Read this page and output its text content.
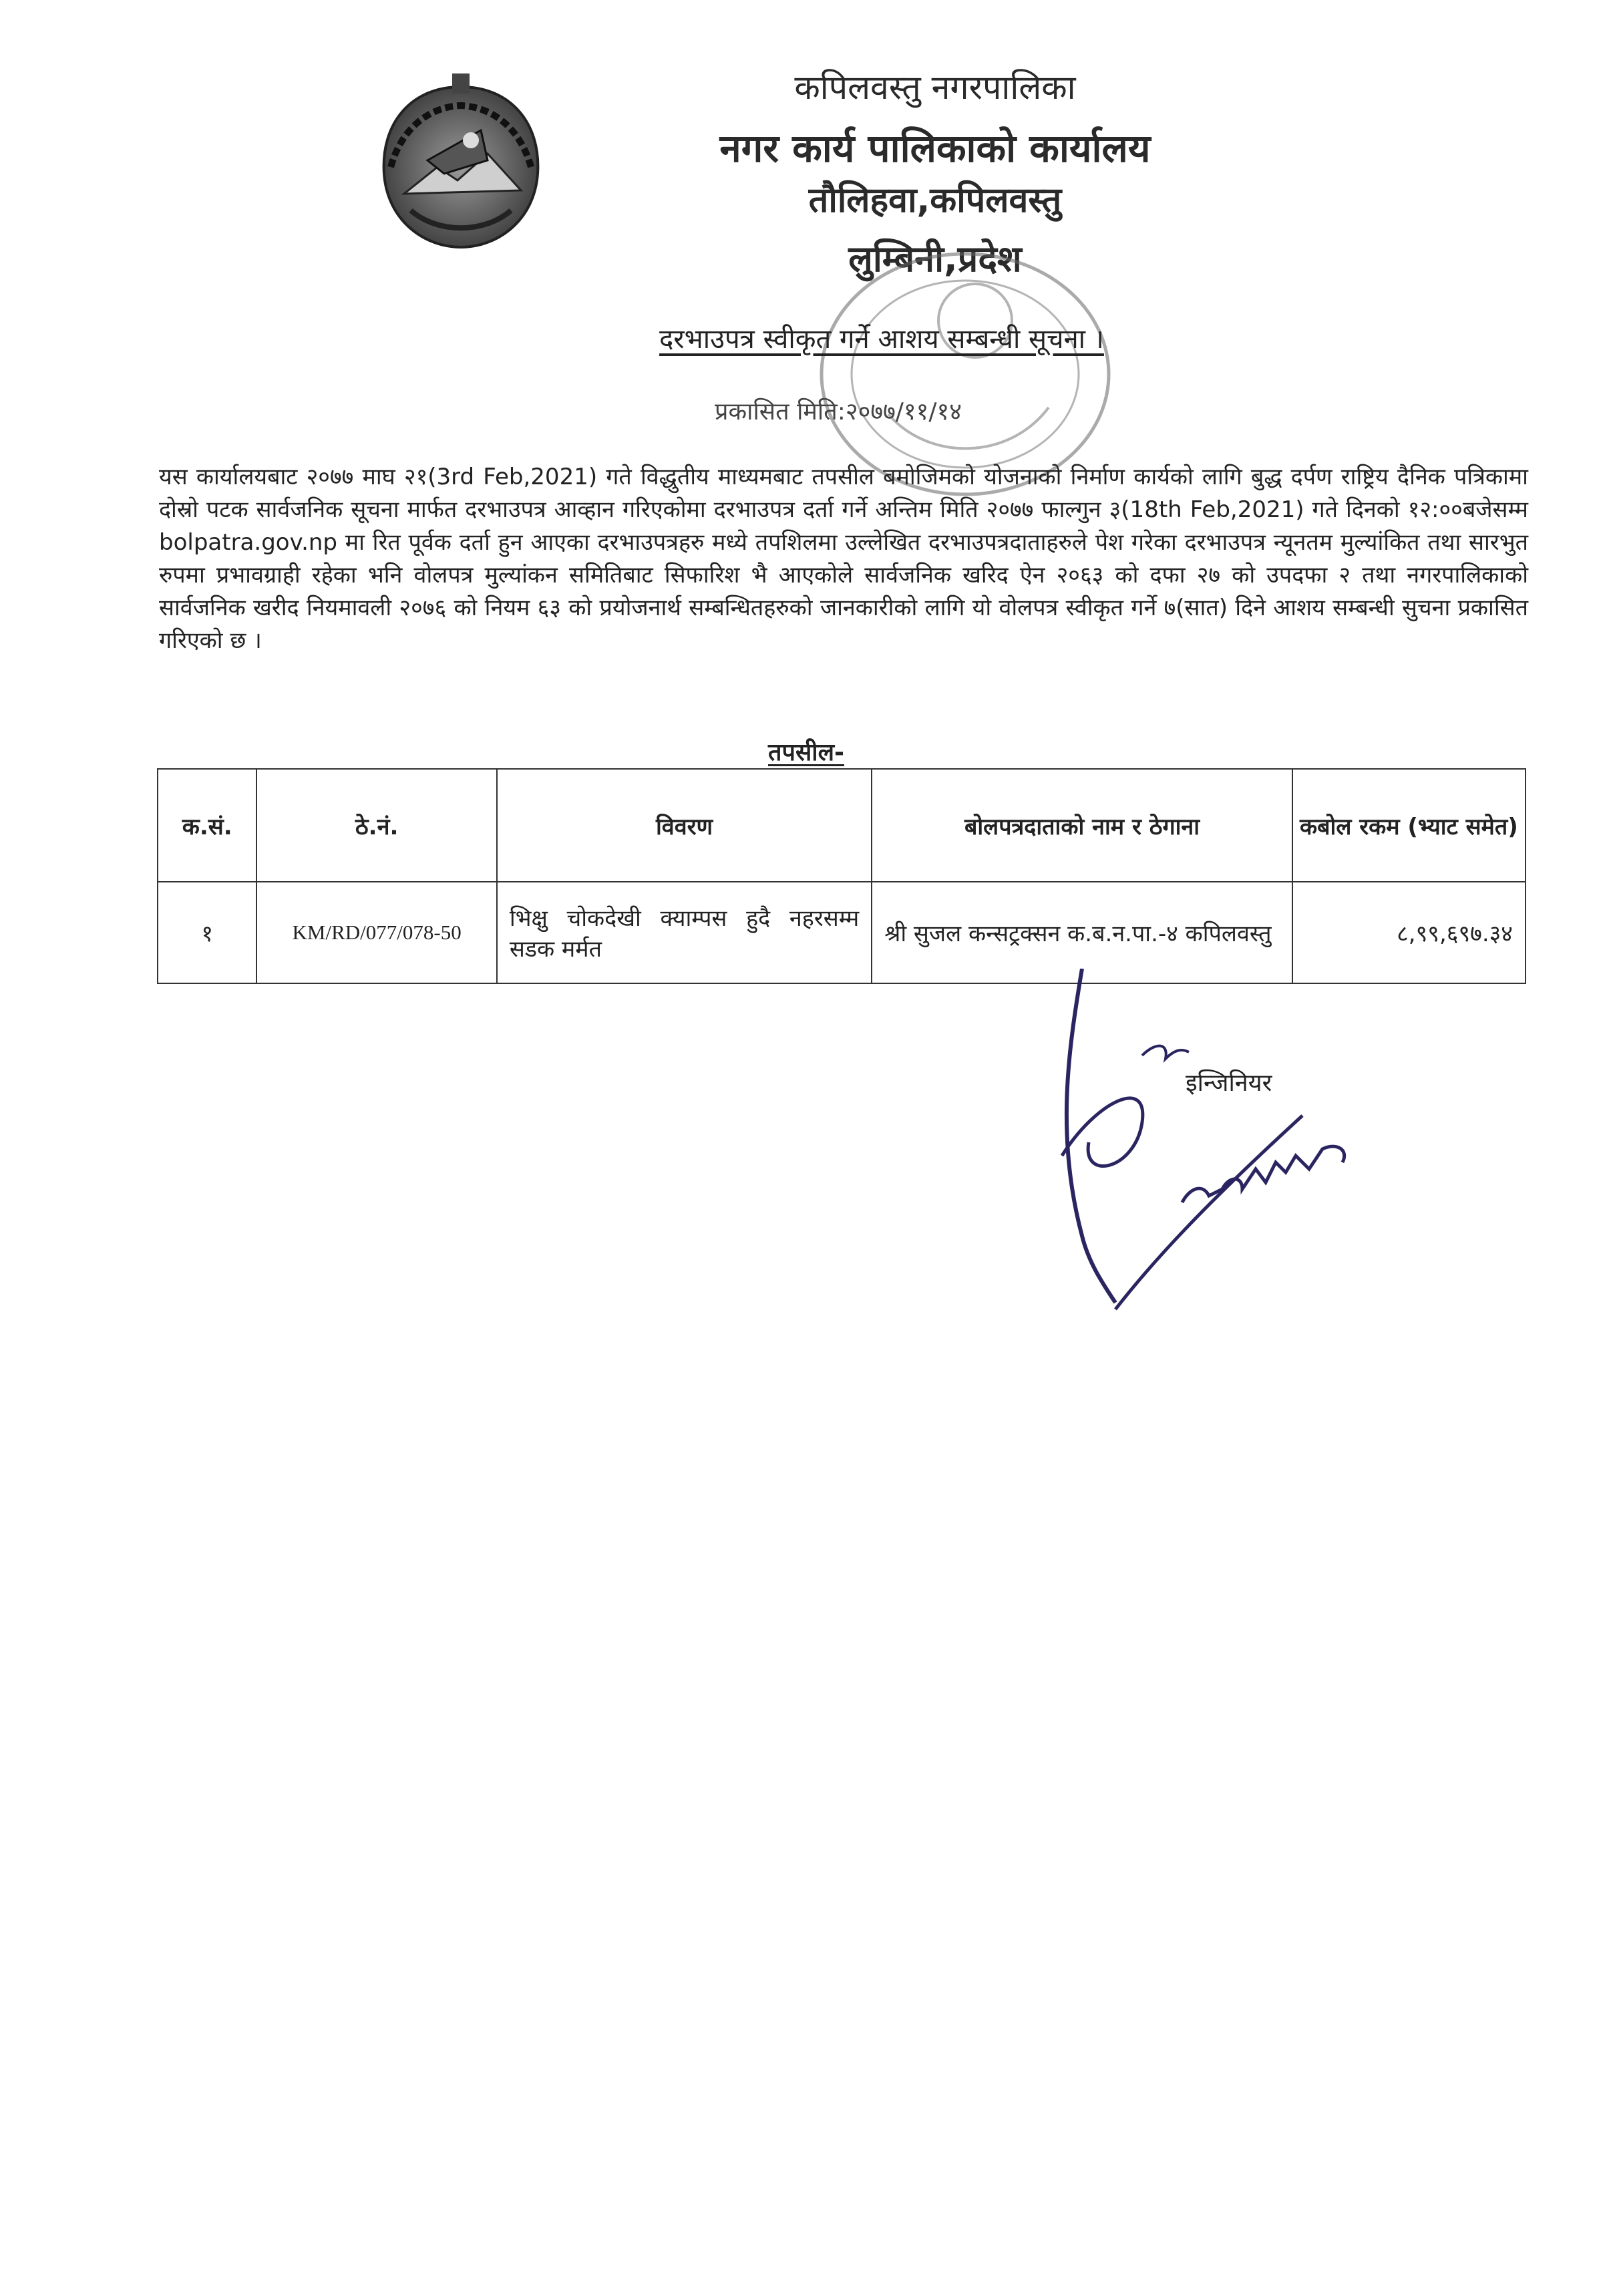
कपिलवस्तु नगरपालिका
नगर कार्य पालिकाको कार्यालय
तौलिहवा,कपिलवस्तु
लुम्बिनी,प्रदेश
दरभाउपत्र स्वीकृत गर्ने आशय सम्बन्धी सूचना ।
प्रकासित मिति:२०७७/११/१४
यस कार्यालयबाट २०७७ माघ २१(3rd Feb,2021) गते विद्धुतीय माध्यमबाट तपसील बमोजिमको योजनाको निर्माण कार्यको लागि बुद्ध दर्पण राष्ट्रिय दैनिक पत्रिकामा दोस्रो पटक सार्वजनिक सूचना मार्फत दरभाउपत्र आव्हान गरिएकोमा दरभाउपत्र दर्ता गर्ने अन्तिम मिति २०७७ फाल्गुन ३(18th Feb,2021) गते दिनको १२:००बजेसम्म bolpatra.gov.np मा रित पूर्वक दर्ता हुन आएका दरभाउपत्रहरु मध्ये तपशिलमा उल्लेखित दरभाउपत्रदाताहरुले पेश गरेका दरभाउपत्र न्यूनतम मुल्यांकित तथा सारभुत रुपमा प्रभावग्राही रहेका भनि वोलपत्र मुल्यांकन समितिबाट सिफारिश भै आएकोले सार्वजनिक खरिद ऐन २०६३ को दफा २७ को उपदफा २ तथा नगरपालिकाको सार्वजनिक खरीद नियमावली २०७६ को नियम ६३ को प्रयोजनार्थ सम्बन्धितहरुको जानकारीको लागि यो वोलपत्र स्वीकृत गर्ने ७(सात) दिने आशय सम्बन्धी सुचना प्रकासित गरिएको छ ।
तपसील-
क.सं.	ठे.नं.	विवरण	बोलपत्रदाताको नाम र ठेगाना	कबोल रकम (भ्याट समेत)
१	KM/RD/077/078-50	भिक्षु चोकदेखी क्याम्पस हुदै नहरसम्म सडक मर्मत	श्री सुजल कन्सट्रक्सन क.ब.न.पा.-४ कपिलवस्तु	८,९९,६९७.३४
इन्जिनियर
